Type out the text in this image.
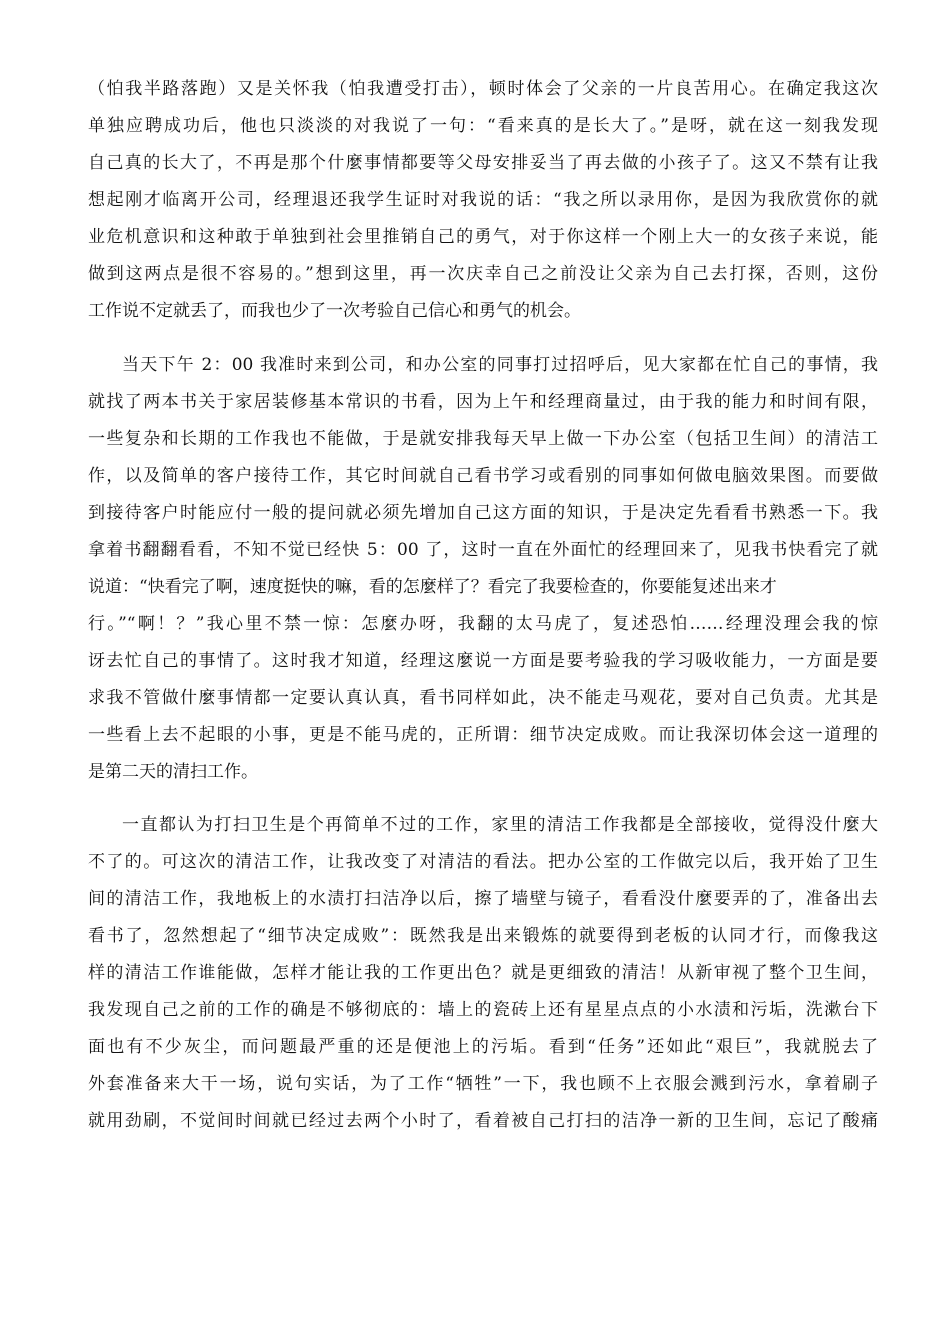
（怕我半路落跑）又是关怀我（怕我遭受打击），顿时体会了父亲的一片良苦用心。在确定我这次
单独应聘成功后，他也只淡淡的对我说了一句：“看来真的是长大了。”是呀，就在这一刻我发现
自己真的长大了，不再是那个什麼事情都要等父母安排妥当了再去做的小孩子了。这又不禁有让我
想起刚才临离开公司，经理退还我学生证时对我说的话：“我之所以录用你，是因为我欣赏你的就
业危机意识和这种敢于单独到社会里推销自己的勇气，对于你这样一个刚上大一的女孩子来说，能
做到这两点是很不容易的。”想到这里，再一次庆幸自己之前没让父亲为自己去打探，否则，这份
工作说不定就丢了，而我也少了一次考验自己信心和勇气的机会。
当天下午 2：00 我准时来到公司，和办公室的同事打过招呼后，见大家都在忙自己的事情，我
就找了两本书关于家居装修基本常识的书看，因为上午和经理商量过，由于我的能力和时间有限，
一些复杂和长期的工作我也不能做，于是就安排我每天早上做一下办公室（包括卫生间）的清洁工
作，以及简单的客户接待工作，其它时间就自己看书学习或看别的同事如何做电脑效果图。而要做
到接待客户时能应付一般的提问就必须先增加自己这方面的知识，于是决定先看看书熟悉一下。我
拿着书翻翻看看，不知不觉已经快 5：00 了，这时一直在外面忙的经理回来了，见我书快看完了就
说道：“快看完了啊，速度挺快的嘛，看的怎麼样了？看完了我要检查的，你要能复述出来才
行。”“啊！？”我心里不禁一惊：怎麼办呀，我翻的太马虎了，复述恐怕……经理没理会我的惊
讶去忙自己的事情了。这时我才知道，经理这麼说一方面是要考验我的学习吸收能力，一方面是要
求我不管做什麼事情都一定要认真认真，看书同样如此，决不能走马观花，要对自己负责。尤其是
一些看上去不起眼的小事，更是不能马虎的，正所谓：细节决定成败。而让我深切体会这一道理的
是第二天的清扫工作。
一直都认为打扫卫生是个再简单不过的工作，家里的清洁工作我都是全部接收，觉得没什麼大
不了的。可这次的清洁工作，让我改变了对清洁的看法。把办公室的工作做完以后，我开始了卫生
间的清洁工作，我地板上的水渍打扫洁净以后，擦了墙壁与镜子，看看没什麼要弄的了，准备出去
看书了，忽然想起了“细节决定成败”：既然我是出来锻炼的就要得到老板的认同才行，而像我这
样的清洁工作谁能做，怎样才能让我的工作更出色？就是更细致的清洁！从新审视了整个卫生间，
我发现自己之前的工作的确是不够彻底的：墙上的瓷砖上还有星星点点的小水渍和污垢，洗漱台下
面也有不少灰尘，而问题最严重的还是便池上的污垢。看到“任务”还如此“艰巨”，我就脱去了
外套准备来大干一场，说句实话，为了工作“牺牲”一下，我也顾不上衣服会溅到污水，拿着刷子
就用劲刷，不觉间时间就已经过去两个小时了，看着被自己打扫的洁净一新的卫生间，忘记了酸痛
